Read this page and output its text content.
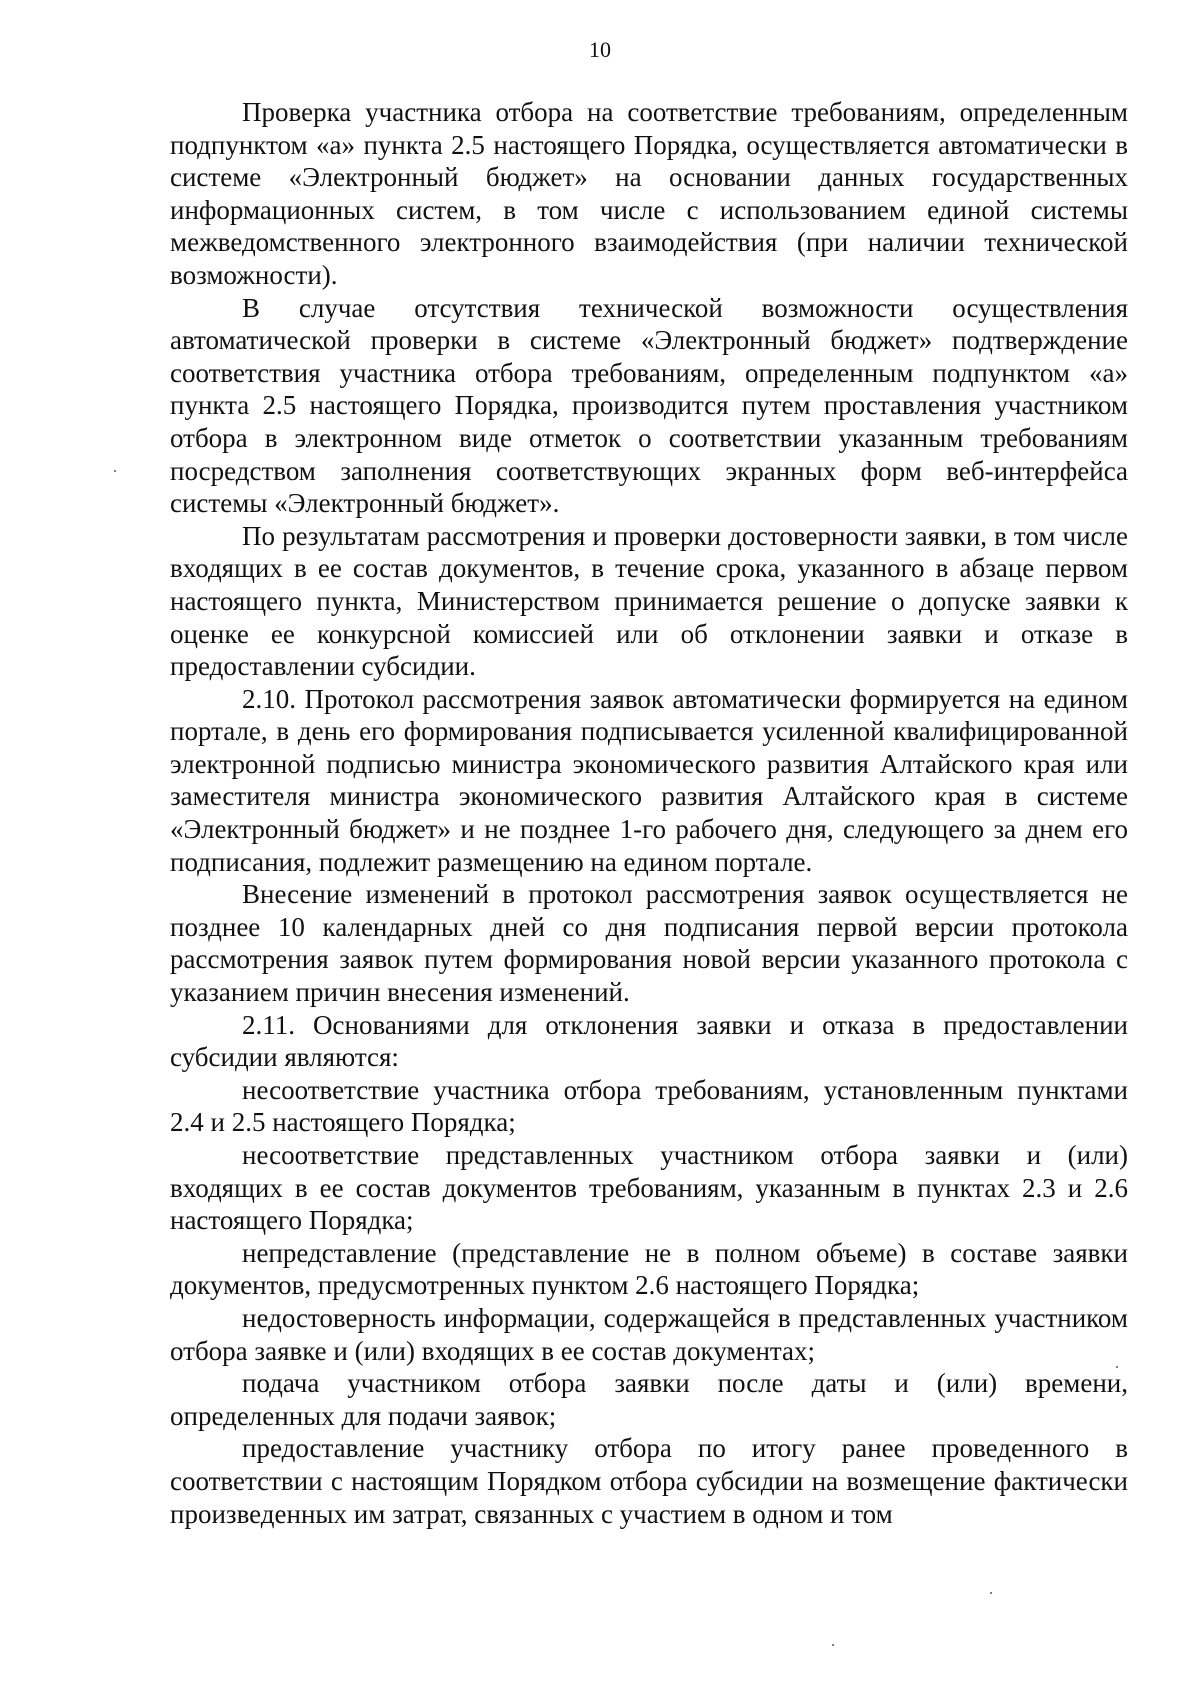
10

Проверка участника отбора на соответствие требованиям, определенным подпунктом «а» пункта 2.5 настоящего Порядка, осуществляется автоматически в системе «Электронный бюджет» на основании данных государственных информационных систем, в том числе с использованием единой системы межведомственного электронного взаимодействия (при наличии технической возможности).

В случае отсутствия технической возможности осуществления автоматической проверки в системе «Электронный бюджет» подтверждение соответствия участника отбора требованиям, определенным подпунктом «а» пункта 2.5 настоящего Порядка, производится путем проставления участником отбора в электронном виде отметок о соответствии указанным требованиям посредством заполнения соответствующих экранных форм веб-интерфейса системы «Электронный бюджет».

По результатам рассмотрения и проверки достоверности заявки, в том числе входящих в ее состав документов, в течение срока, указанного в абзаце первом настоящего пункта, Министерством принимается решение о допуске заявки к оценке ее конкурсной комиссией или об отклонении заявки и отказе в предоставлении субсидии.

2.10. Протокол рассмотрения заявок автоматически формируется на едином портале, в день его формирования подписывается усиленной квалифицированной электронной подписью министра экономического развития Алтайского края или заместителя министра экономического развития Алтайского края в системе «Электронный бюджет» и не позднее 1-го рабочего дня, следующего за днем его подписания, подлежит размещению на едином портале.

Внесение изменений в протокол рассмотрения заявок осуществляется не позднее 10 календарных дней со дня подписания первой версии протокола рассмотрения заявок путем формирования новой версии указанного протокола с указанием причин внесения изменений.

2.11. Основаниями для отклонения заявки и отказа в предоставлении субсидии являются:

несоответствие участника отбора требованиям, установленным пунктами 2.4 и 2.5 настоящего Порядка;

несоответствие представленных участником отбора заявки и (или) входящих в ее состав документов требованиям, указанным в пунктах 2.3 и 2.6 настоящего Порядка;

непредставление (представление не в полном объеме) в составе заявки документов, предусмотренных пунктом 2.6 настоящего Порядка;

недостоверность информации, содержащейся в представленных участником отбора заявке и (или) входящих в ее состав документах;

подача участником отбора заявки после даты и (или) времени, определенных для подачи заявок;

предоставление участнику отбора по итогу ранее проведенного в соответствии с настоящим Порядком отбора субсидии на возмещение фактически произведенных им затрат, связанных с участием в одном и том
